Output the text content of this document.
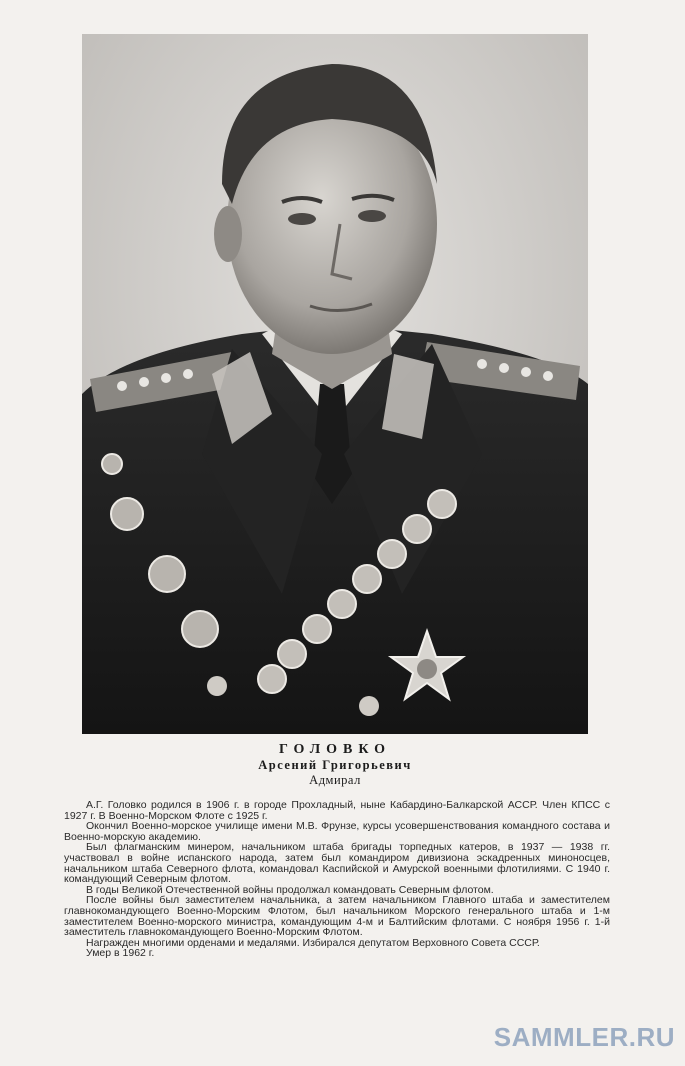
ГОЛОВКО
Арсений Григорьевич
Адмирал

А.Г. Головко родился в 1906 г. в городе Прохладный, ныне Кабардино-Балкарской АССР. Член КПСС с 1927 г. В Военно-Морском Флоте с 1925 г.

Окончил Военно-морское училище имени М.В. Фрунзе, курсы усовершенствования командного состава и Военно-морскую академию.

Был флагманским минером, начальником штаба бригады торпедных катеров, в 1937 — 1938 гг. участвовал в войне испанского народа, затем был командиром дивизиона эскадренных миноносцев, начальником штаба Северного флота, командовал Каспийской и Амурской военными флотилиями. С 1940 г. командующий Северным флотом.

В годы Великой Отечественной войны продолжал командовать Северным флотом.

После войны был заместителем начальника, а затем начальником Главного штаба и заместителем главнокомандующего Военно-Морским Флотом, был начальником Морского генерального штаба и 1-м заместителем Военно-морского министра, командующим 4-м и Балтийским флотами. С ноября 1956 г. 1-й заместитель главнокомандующего Военно-Морским Флотом.

Награжден многими орденами и медалями. Избирался депутатом Верховного Совета СССР.

Умер в 1962 г.

SAMMLER.RU
